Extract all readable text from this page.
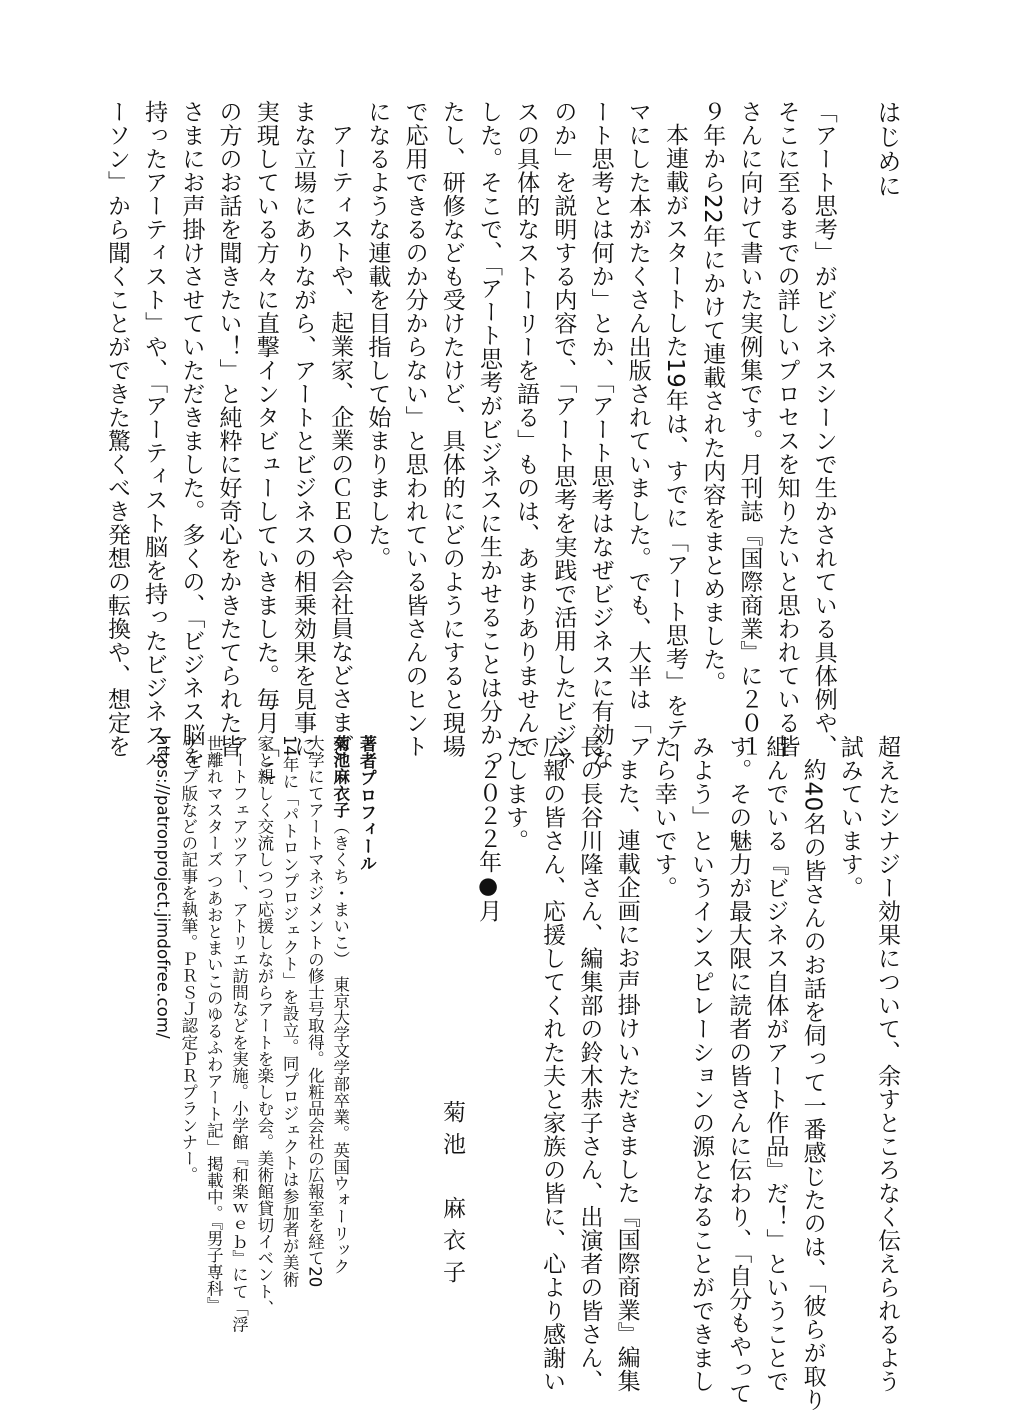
はじめに
「アート思考」がビジネスシーンで生かされている具体例や、
そこに至るまでの詳しいプロセスを知りたいと思われている皆
さんに向けて書いた実例集です。月刊誌『国際商業』に２０１
９年から22年にかけて連載された内容をまとめました。
本連載がスタートした19年は、すでに「アート思考」をテー
マにした本がたくさん出版されていました。でも、大半は「ア
ート思考とは何か」とか、「アート思考はなぜビジネスに有効な
のか」を説明する内容で、「アート思考を実践で活用したビジネ
スの具体的なストーリーを語る」ものは、あまりありませんで
した。そこで、「アート思考がビジネスに生かせることは分かっ
たし、研修なども受けたけど、具体的にどのようにすると現場
で応用できるのか分からない」と思われている皆さんのヒント
になるような連載を目指して始まりました。
アーティストや、起業家、企業のＣＥＯや会社員などさまざ
まな立場にありながら、アートとビジネスの相乗効果を見事に
実現している方々に直撃インタビューしていきました。毎月「こ
の方のお話を聞きたい！」と純粋に好奇心をかきたてられた皆
さまにお声掛けさせていただきました。多くの、「ビジネス脳を
持ったアーティスト」や、「アーティスト脳を持ったビジネスパ
ーソン」から聞くことができた驚くべき発想の転換や、想定を
超えたシナジー効果について、余すところなく伝えられるよう
試みています。
約40名の皆さんのお話を伺って一番感じたのは、「彼らが取り
組んでいる『ビジネス自体がアート作品』だ！」ということで
す。その魅力が最大限に読者の皆さんに伝わり、「自分もやって
みよう」というインスピレーションの源となることができまし
たら幸いです。
また、連載企画にお声掛けいただきました『国際商業』編集
長の長谷川隆さん、編集部の鈴木恭子さん、出演者の皆さん、
広報の皆さん、応援してくれた夫と家族の皆に、心より感謝い
たします。
２０２２年●月
菊池　麻衣子
著者プロフィール
菊池麻衣子（きくち・まいこ）　東京大学文学部卒業。英国ウォーリック
大学にてアートマネジメントの修士号取得。化粧品会社の広報室を経て20
14年に「パトロンプロジェクト」を設立。同プロジェクトは参加者が美術
家と親しく交流しつつ応援しながらアートを楽しむ会。美術館貸切イベント、
アートフェアツアー、アトリエ訪問などを実施。小学館『和楽ｗｅｂ』にて「浮
世離れマスターズ つあおとまいこのゆるふわアート記」掲載中。『男子専科』
ウェブ版などの記事を執筆。ＰＲＳＪ認定ＰＲプランナー。
https://patronproject.jimdofree.com/
